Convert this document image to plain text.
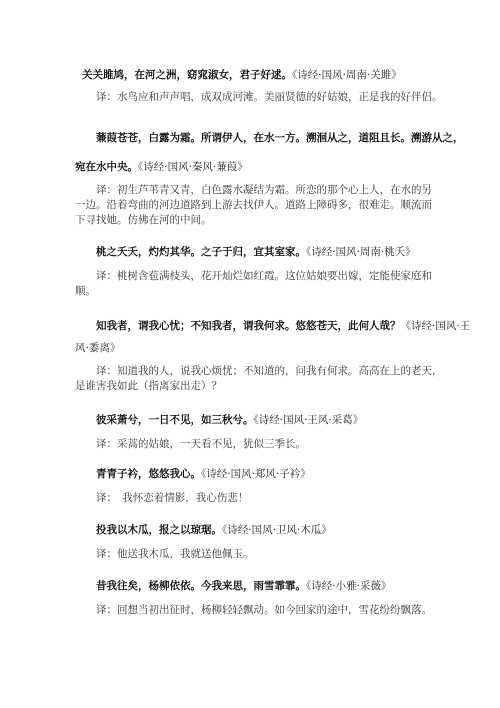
关关雎鸠，在河之洲，窈窕淑女，君子好逑。《诗经·国风·周南·关雎》
译：水鸟应和声声唱，成双成河滩。美丽贤德的好姑娘，正是我的好伴侣。
蒹葭苍苍，白露为霜。所谓伊人，在水一方。溯洄从之，道阻且长。溯游从之，
宛在水中央。《诗经·国风·秦风·蒹葭》
译：初生芦苇青又青，白色露水凝结为霜。所恋的那个心上人，在水的另
一边。沿着弯曲的河边道路到上游去找伊人。道路上障碍多，很难走。顺流而
下寻找她。仿佛在河的中间。
桃之夭夭，灼灼其华。之子于归，宜其室家。《诗经·国风·周南·桃夭》
译：桃树含苞满枝头，花开灿烂如红霞。这位姑娘要出嫁，定能使家庭和
顺。
知我者，谓我心忧；不知我者，谓我何求。悠悠苍天，此何人哉？《诗经·国风·王
风·黍离》
译：知道我的人，说我心烦忧；不知道的，问我有何求。高高在上的老天，
是谁害我如此（指离家出走）？
彼采萧兮，一日不见，如三秋兮。《诗经·国风·王风·采葛》
译：采蒿的姑娘，一天看不见，犹似三季长。
青青子衿，悠悠我心。《诗经·国风·郑风·子衿》
译：　我怀恋着情影，我心伤悲！
投我以木瓜，报之以琼琚。《诗经·国风·卫风·木瓜》
译：他送我木瓜，我就送他佩玉。
昔我往矣，杨柳依依。今我来思，雨雪霏霏。《诗经·小雅·采薇》
译：回想当初出征时，杨柳轻轻飘动。如今回家的途中，雪花纷纷飘落。
